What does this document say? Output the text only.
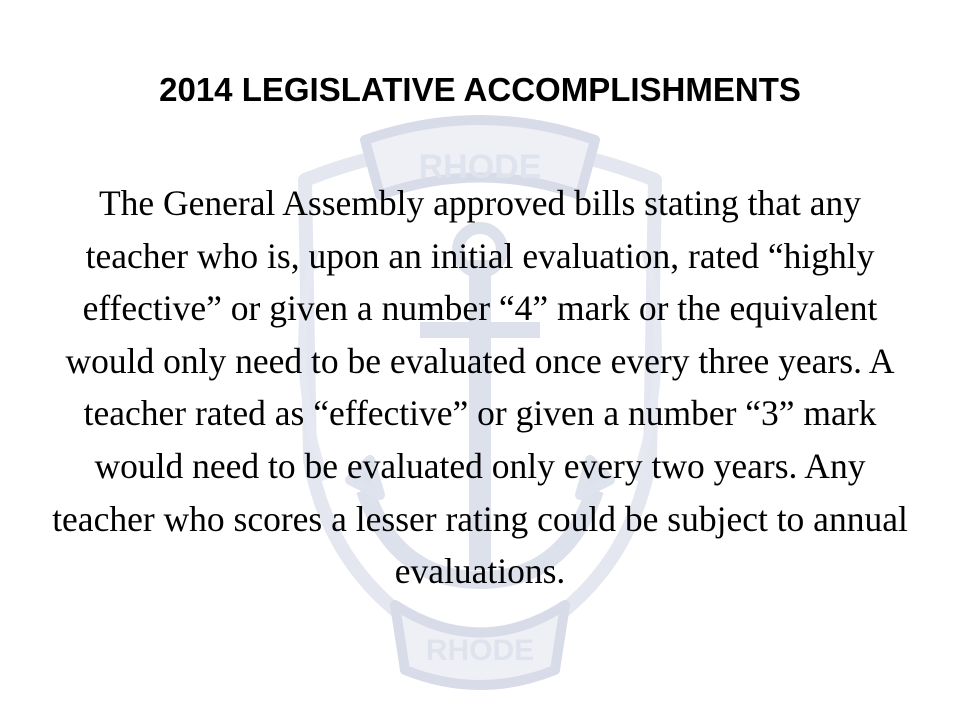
RHODE
RHODE
2014 LEGISLATIVE ACCOMPLISHMENTS
The General Assembly approved bills stating that any teacher who is, upon an initial evaluation, rated “highly effective” or given a number “4” mark or the equivalent would only need to be evaluated once every three years. A teacher rated as “effective” or given a number “3” mark would need to be evaluated only every two years. Any teacher who scores a lesser rating could be subject to annual evaluations.
